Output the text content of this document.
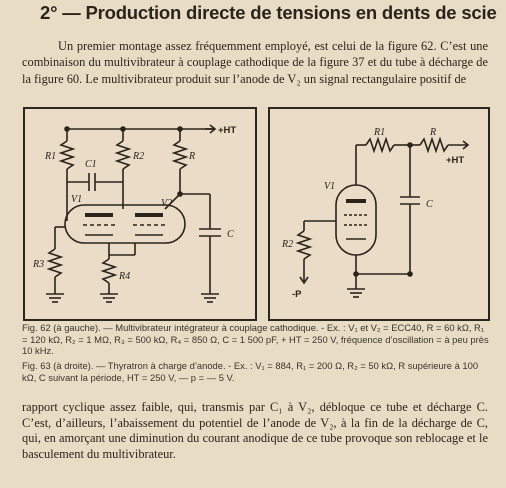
2° — Production directe de tensions en dents de scie
Un premier montage assez fréquemment employé, est celui de la figure 62. C’est une combinaison du multivibrateur à couplage cathodique de la figure 37 et du tube à décharge de la figure 60. Le multivibrateur produit sur l’anode de V₂ un signal rectangulaire positif de
R1
C1
R2	R
+HT
V1	V2
C
R3
R4
R1	R
+HT
V1
C
R2
-P
Fig. 62 (à gauche). — Multivibrateur intégrateur à couplage cathodique. - Ex. : V₁ et V₂ = ECC40, R = 60 kΩ, R₁ = 120 kΩ, R₂ = 1 MΩ, R₃ = 500 kΩ, R₄ = 850 Ω, C = 1 500 pF, + HT = 250 V, fréquence d’oscillation = à peu près 10 kHz.
Fig. 63 (à droite). — Thyratron à charge d’anode. - Ex. : V₁ = 884, R₁ = 200 Ω, R₂ = 50 kΩ, R supérieure à 100 kΩ, C suivant la période, HT = 250 V, — p = — 5 V.
rapport cyclique assez faible, qui, transmis par C₁ à V₂, débloque ce tube et décharge C. C’est, d’ailleurs, l’abaissement du potentiel de l’anode de V₂, à la fin de la décharge de C, qui, en amorçant une diminution du courant anodique de ce tube provoque son reblocage et le basculement du multivibrateur.
